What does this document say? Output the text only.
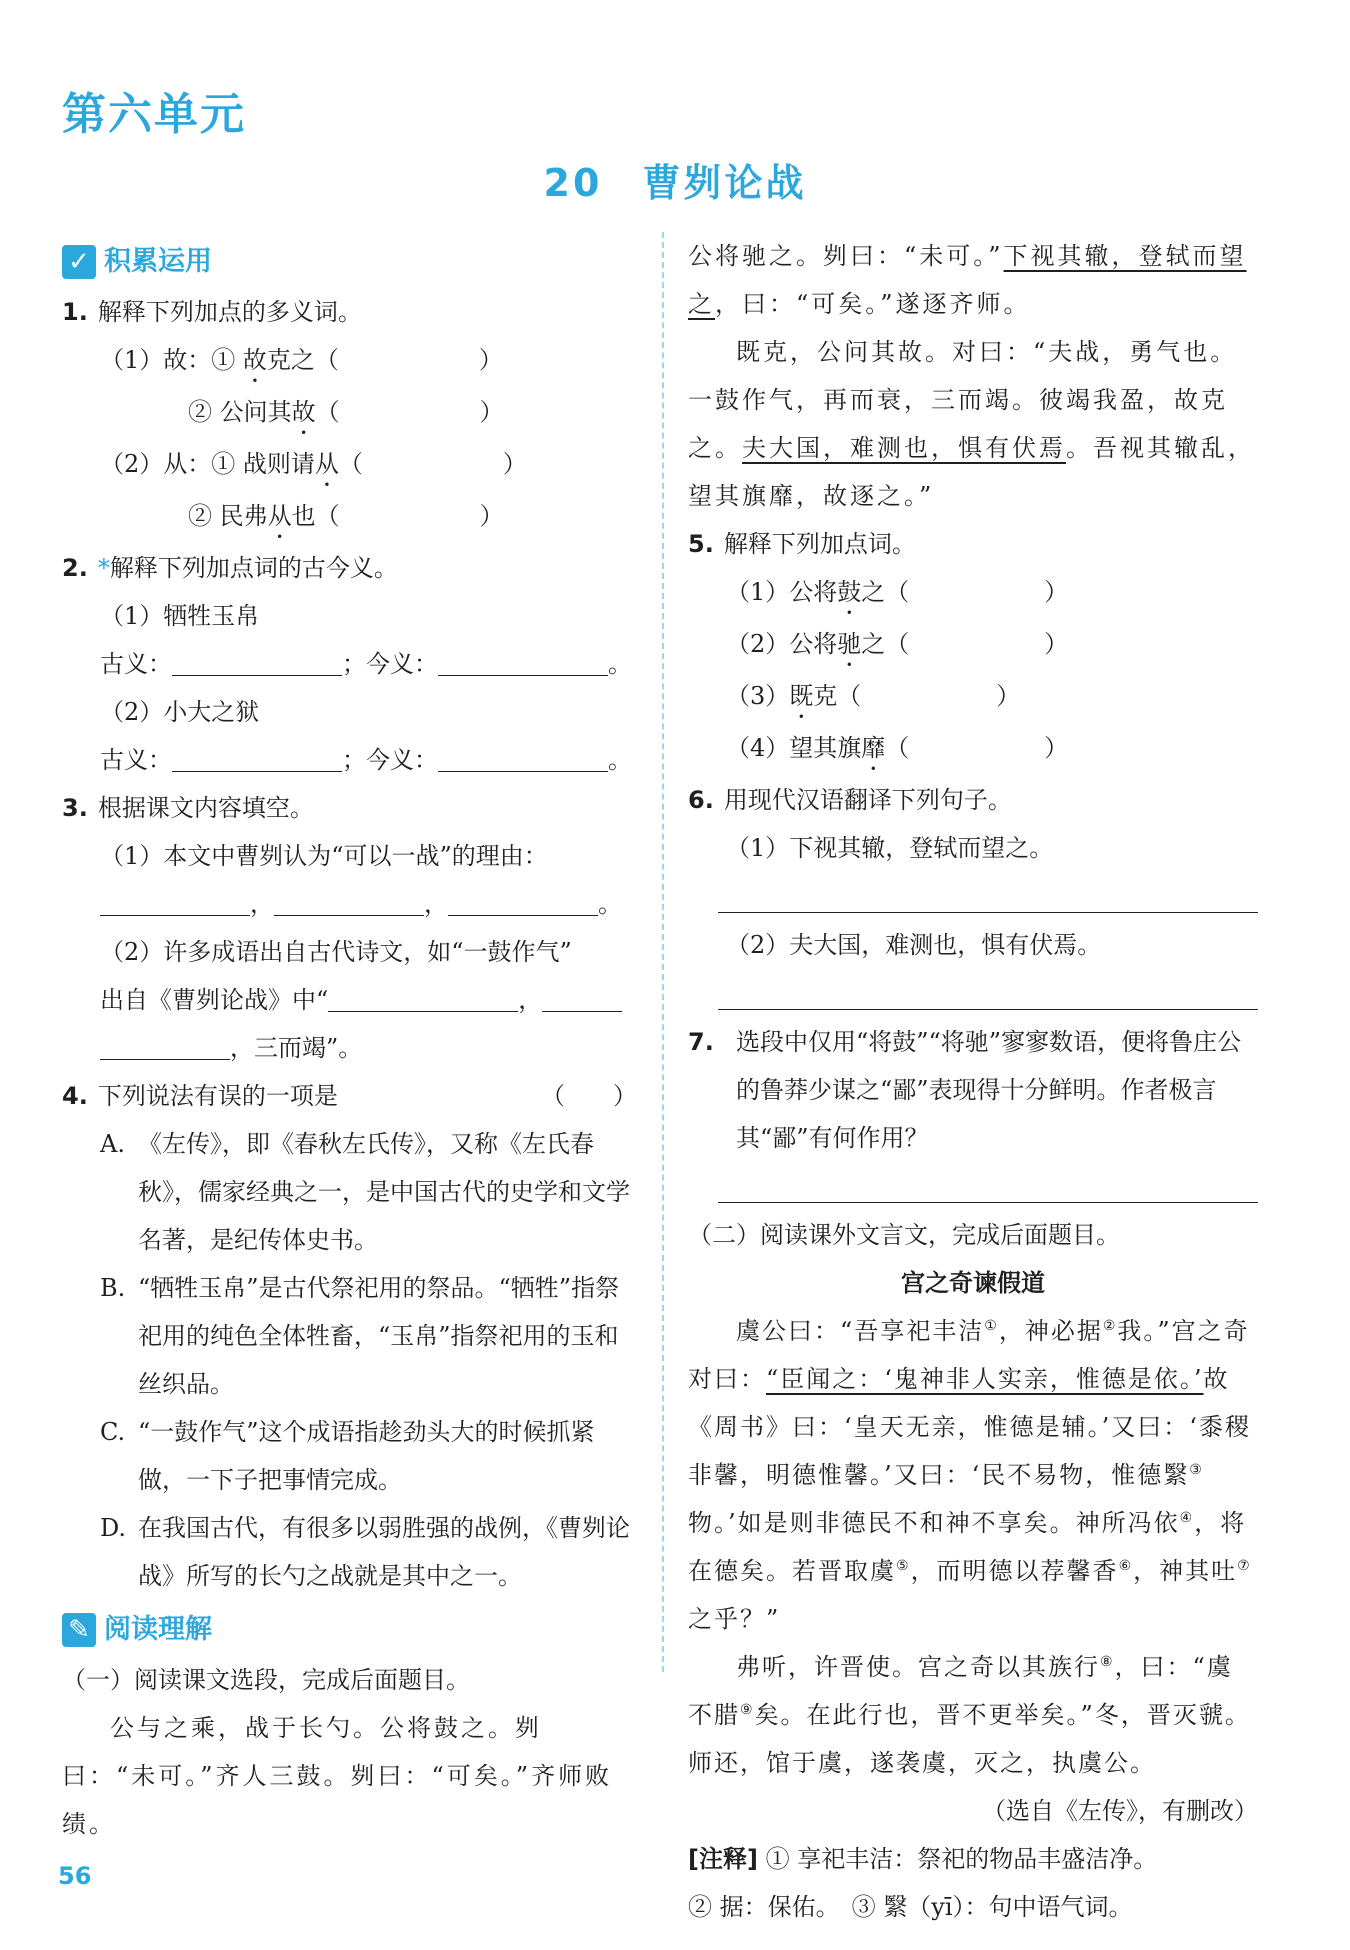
第六单元
20 曹刿论战
✓ 积累运用
1. 解释下列加点的多义词。
（1）故：① 故克之（	）
② 公问其故（	）
（2）从：① 战则请从（	）
② 民弗从也（	）
2. *解释下列加点词的古今义。
（1）牺牲玉帛
古义：	；今义：	。
（2）小大之狱
古义：	；今义：	。
3. 根据课文内容填空。
（1）本文中曹刿认为“可以一战”的理由：
，	，	。
（2）许多成语出自古代诗文，如“一鼓作气”
出自《曹刿论战》中“	，
，三而竭”。
4. 下列说法有误的一项是	（　　）
A. 《左传》，即《春秋左氏传》，又称《左氏春秋》，儒家经典之一，是中国古代的史学和文学名著，是纪传体史书。
B. “牺牲玉帛”是古代祭祀用的祭品。“牺牲”指祭祀用的纯色全体牲畜，“玉帛”指祭祀用的玉和丝织品。
C. “一鼓作气”这个成语指趁劲头大的时候抓紧做，一下子把事情完成。
D. 在我国古代，有很多以弱胜强的战例，《曹刿论战》所写的长勺之战就是其中之一。
✎ 阅读理解
（一）阅读课文选段，完成后面题目。
公与之乘，战于长勺。公将鼓之。刿曰：“未可。”齐人三鼓。刿曰：“可矣。”齐师败绩。
公将驰之。刿曰：“未可。”下视其辙，登轼而望
之，曰：“可矣。”遂逐齐师。
既克，公问其故。对曰：“夫战，勇气也。一鼓作气，再而衰，三而竭。彼竭我盈，故克之。夫大国，难测也，惧有伏焉。吾视其辙乱，望其旗靡，故逐之。”
5. 解释下列加点词。
（1）公将鼓之（	）
（2）公将驰之（	）
（3）既克（	）
（4）望其旗靡（	）
6. 用现代汉语翻译下列句子。
（1）下视其辙，登轼而望之。
（2）夫大国，难测也，惧有伏焉。
7. 选段中仅用“将鼓”“将驰”寥寥数语，便将鲁庄公的鲁莽少谋之“鄙”表现得十分鲜明。作者极言其“鄙”有何作用？
（二）阅读课外文言文，完成后面题目。
宫之奇谏假道
虞公曰：“吾享祀丰洁①，神必据②我。”宫之奇对曰：“臣闻之：‘鬼神非人实亲，惟德是依。’故《周书》曰：‘皇天无亲，惟德是辅。’又曰：‘黍稷非馨，明德惟馨。’又曰：‘民不易物，惟德繄③物。’如是则非德民不和神不享矣。神所冯依④，将在德矣。若晋取虞⑤，而明德以荐馨香⑥，神其吐⑦之乎？”
弗听，许晋使。宫之奇以其族行⑧，曰：“虞不腊⑨矣。在此行也，晋不更举矣。”冬，晋灭虢。师还，馆于虞，遂袭虞，灭之，执虞公。
（选自《左传》，有删改）
[注释] ① 享祀丰洁：祭祀的物品丰盛洁净。
② 据：保佑。　③ 繄（yī）：句中语气词。
56
